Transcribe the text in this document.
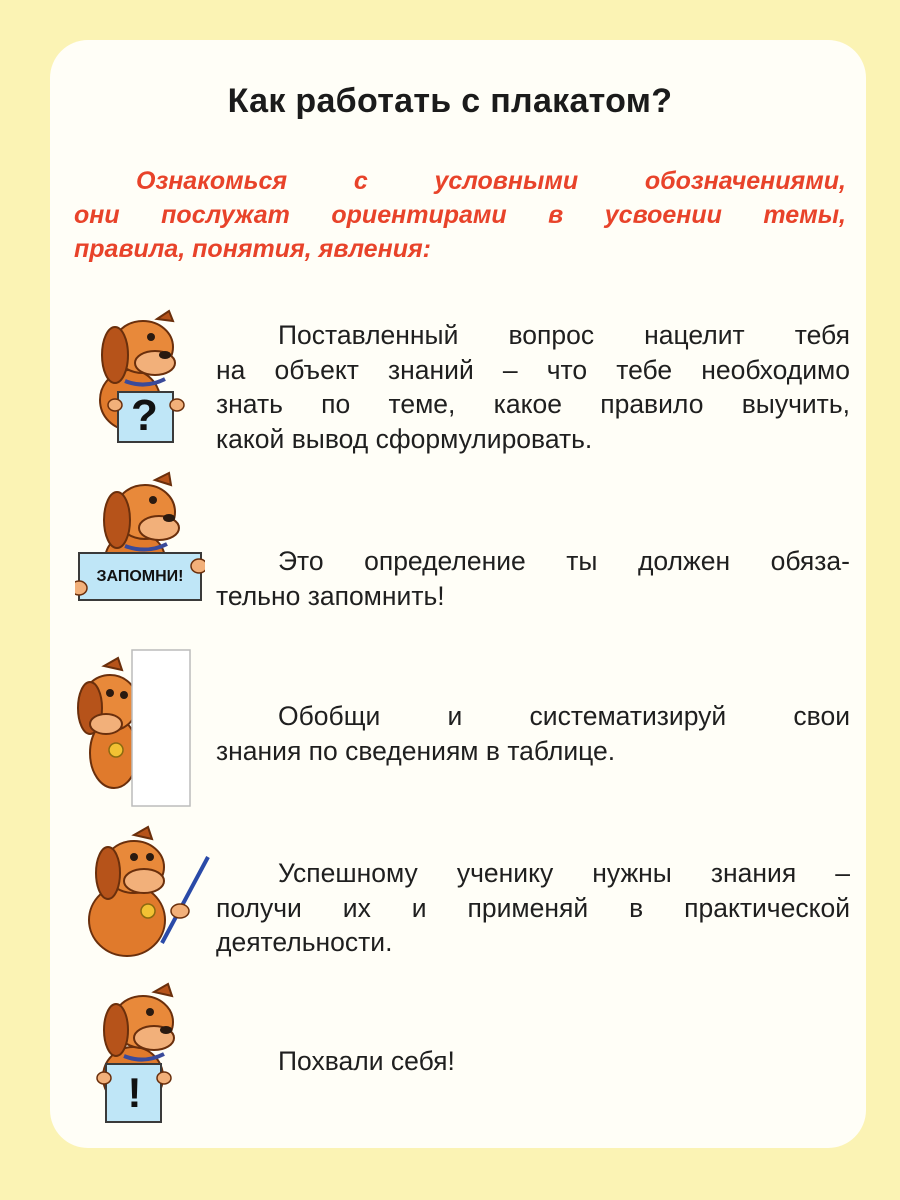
Как работать с плакатом?
Ознакомься с условными обозначениями,
они послужат ориентирами в усвоении темы,
правила, понятия, явления:
?
Поставленный вопрос нацелит тебя
на объект знаний – что тебе необходимо
знать по теме, какое правило выучить,
какой вывод сформулировать.
ЗАПОМНИ!	Это определение ты должен обяза-
тельно запомнить!
Обобщи и систематизируй свои
знания по сведениям в таблице.
Успешному ученику нужны знания –
получи их и применяй в практической
деятельности.
!
Похвали себя!
